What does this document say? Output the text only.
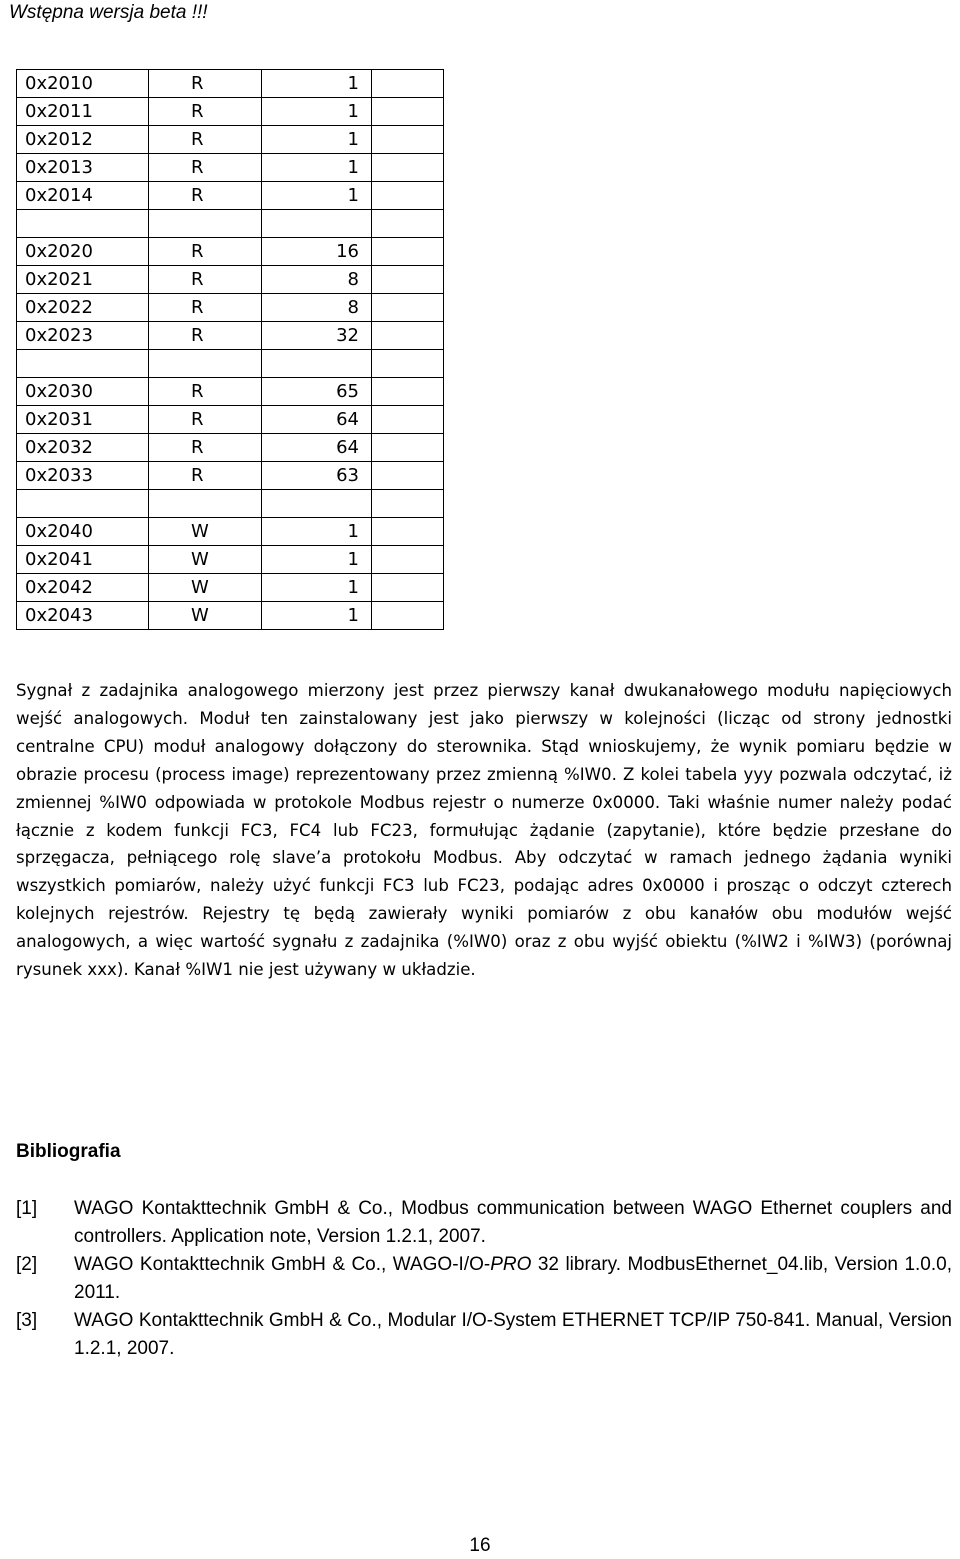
Wstępna wersja beta !!!
0x2010	R	1	
0x2011	R	1	
0x2012	R	1	
0x2013	R	1	
0x2014	R	1	

0x2020	R	16	
0x2021	R	8	
0x2022	R	8	
0x2023	R	32	

0x2030	R	65	
0x2031	R	64	
0x2032	R	64	
0x2033	R	63	

0x2040	W	1	
0x2041	W	1	
0x2042	W	1	
0x2043	W	1	
Sygnał z zadajnika analogowego mierzony jest przez pierwszy kanał dwukanałowego modułu napięciowych wejść analogowych. Moduł ten zainstalowany jest jako pierwszy w kolejności (licząc od strony jednostki centralne CPU) moduł analogowy dołączony do sterownika. Stąd wnioskujemy, że wynik pomiaru będzie w obrazie procesu (process image) reprezentowany przez zmienną %IW0. Z kolei tabela yyy pozwala odczytać, iż zmiennej %IW0 odpowiada w protokole Modbus rejestr o numerze 0x0000. Taki właśnie numer należy podać łącznie z kodem funkcji FC3, FC4 lub FC23, formułując żądanie (zapytanie), które będzie przesłane do sprzęgacza, pełniącego rolę slave’a protokołu Modbus. Aby odczytać w ramach jednego żądania wyniki wszystkich pomiarów, należy użyć funkcji FC3 lub FC23, podając adres 0x0000 i prosząc o odczyt czterech kolejnych rejestrów. Rejestry tę będą zawierały wyniki pomiarów z obu kanałów obu modułów wejść analogowych, a więc wartość sygnału z zadajnika (%IW0) oraz z obu wyjść obiektu (%IW2 i %IW3) (porównaj rysunek xxx). Kanał %IW1 nie jest używany w układzie.
Bibliografia
[1]	WAGO Kontakttechnik GmbH & Co., Modbus communication between WAGO Ethernet couplers and controllers. Application note, Version 1.2.1, 2007.
[2]	WAGO Kontakttechnik GmbH & Co., WAGO-I/O-PRO 32 library. ModbusEthernet_04.lib, Version 1.0.0, 2011.
[3]	WAGO Kontakttechnik GmbH & Co., Modular I/O-System ETHERNET TCP/IP 750-841. Manual, Version 1.2.1, 2007.
16
